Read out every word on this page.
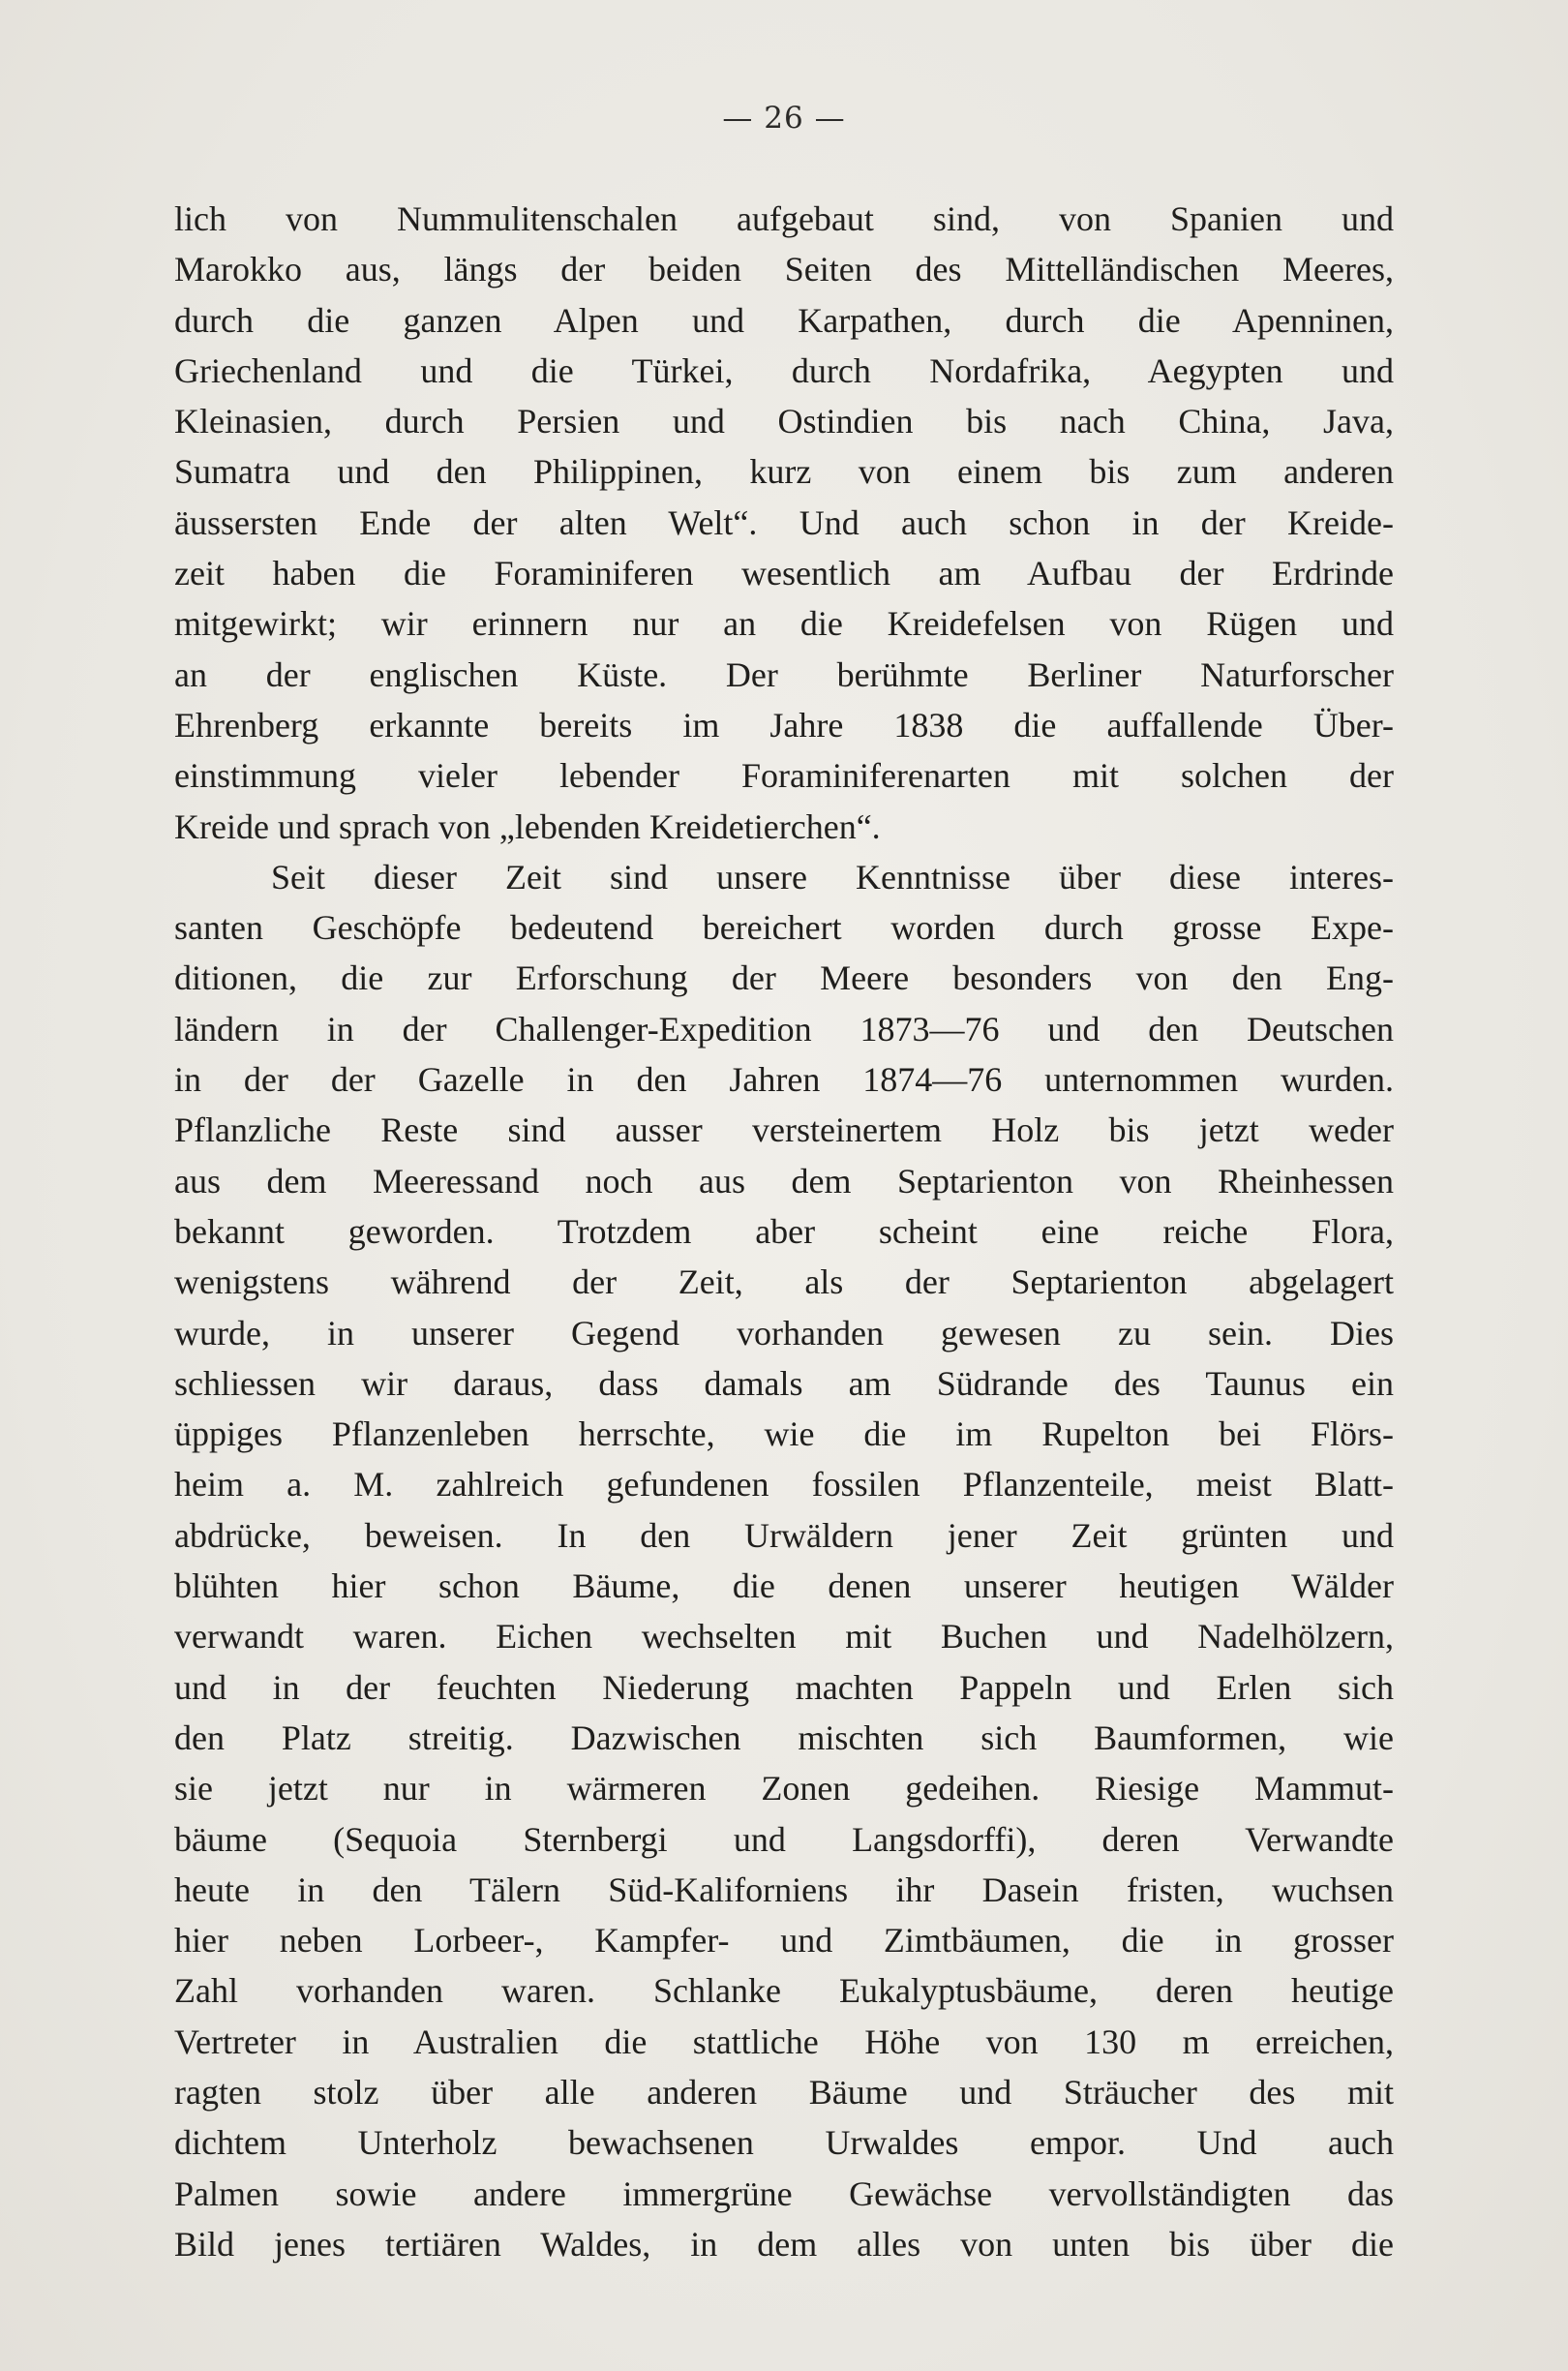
— 26 —
lich von Nummulitenschalen aufgebaut sind, von Spanien und
Marokko aus, längs der beiden Seiten des Mittelländischen Meeres,
durch die ganzen Alpen und Karpathen, durch die Apenninen,
Griechenland und die Türkei, durch Nordafrika, Aegypten und
Kleinasien, durch Persien und Ostindien bis nach China, Java,
Sumatra und den Philippinen, kurz von einem bis zum anderen
äussersten Ende der alten Welt“. Und auch schon in der Kreide-
zeit haben die Foraminiferen wesentlich am Aufbau der Erdrinde
mitgewirkt; wir erinnern nur an die Kreidefelsen von Rügen und
an der englischen Küste. Der berühmte Berliner Naturforscher
Ehrenberg erkannte bereits im Jahre 1838 die auffallende Über-
einstimmung vieler lebender Foraminiferenarten mit solchen der
Kreide und sprach von „lebenden Kreidetierchen“.
Seit dieser Zeit sind unsere Kenntnisse über diese interes-
santen Geschöpfe bedeutend bereichert worden durch grosse Expe-
ditionen, die zur Erforschung der Meere besonders von den Eng-
ländern in der Challenger-Expedition 1873—76 und den Deutschen
in der der Gazelle in den Jahren 1874—76 unternommen wurden.
Pflanzliche Reste sind ausser versteinertem Holz bis jetzt weder
aus dem Meeressand noch aus dem Septarienton von Rheinhessen
bekannt geworden. Trotzdem aber scheint eine reiche Flora,
wenigstens während der Zeit, als der Septarienton abgelagert
wurde, in unserer Gegend vorhanden gewesen zu sein. Dies
schliessen wir daraus, dass damals am Südrande des Taunus ein
üppiges Pflanzenleben herrschte, wie die im Rupelton bei Flörs-
heim a. M. zahlreich gefundenen fossilen Pflanzenteile, meist Blatt-
abdrücke, beweisen. In den Urwäldern jener Zeit grünten und
blühten hier schon Bäume, die denen unserer heutigen Wälder
verwandt waren. Eichen wechselten mit Buchen und Nadelhölzern,
und in der feuchten Niederung machten Pappeln und Erlen sich
den Platz streitig. Dazwischen mischten sich Baumformen, wie
sie jetzt nur in wärmeren Zonen gedeihen. Riesige Mammut-
bäume (Sequoia Sternbergi und Langsdorffi), deren Verwandte
heute in den Tälern Süd-Kaliforniens ihr Dasein fristen, wuchsen
hier neben Lorbeer-, Kampfer- und Zimtbäumen, die in grosser
Zahl vorhanden waren. Schlanke Eukalyptusbäume, deren heutige
Vertreter in Australien die stattliche Höhe von 130 m erreichen,
ragten stolz über alle anderen Bäume und Sträucher des mit
dichtem Unterholz bewachsenen Urwaldes empor. Und auch
Palmen sowie andere immergrüne Gewächse vervollständigten das
Bild jenes tertiären Waldes, in dem alles von unten bis über die
